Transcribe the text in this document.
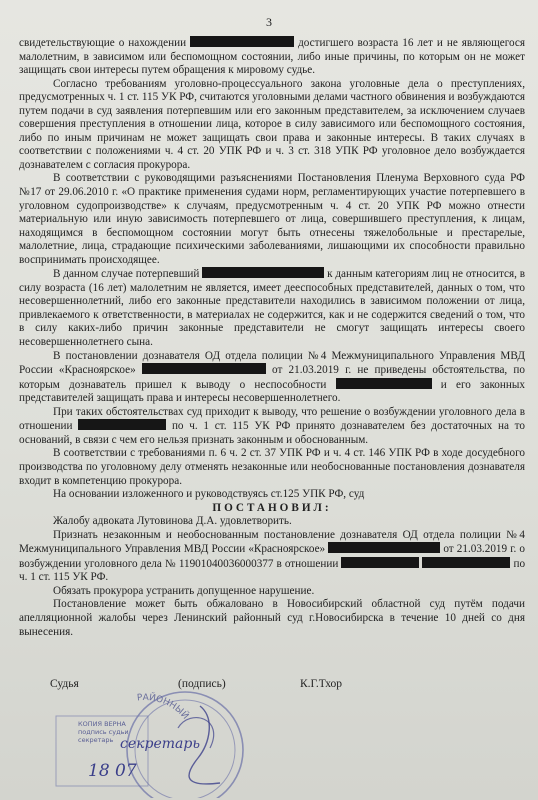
3

свидетельствующие о нахождении	достигшего возраста 16 лет и не являющегося малолетним, в зависимом или беспомощном состоянии, либо иные причины, по которым он не может защищать свои интересы путем обращения к мировому судье.

Согласно требованиям уголовно-процессуального закона уголовные дела о преступлениях, предусмотренных ч. 1 ст. 115 УК РФ, считаются уголовными делами частного обвинения и возбуждаются путем подачи в суд заявления потерпевшим или его законным представителем, за исключением случаев совершения преступления в отношении лица, которое в силу зависимого или беспомощного состояния, либо по иным причинам не может защищать свои права и законные интересы. В таких случаях в соответствии с положениями ч. 4 ст. 20 УПК РФ и ч. 3 ст. 318 УПК РФ уголовное дело возбуждается дознавателем с согласия прокурора.

В соответствии с руководящими разъяснениями Постановления Пленума Верховного суда РФ №17 от 29.06.2010 г. «О практике применения судами норм, регламентирующих участие потерпевшего в уголовном судопроизводстве» к случаям, предусмотренным ч. 4 ст. 20 УПК РФ можно отнести материальную или иную зависимость потерпевшего от лица, совершившего преступления, к лицам, находящимся в беспомощном состоянии могут быть отнесены тяжелобольные и престарелые, малолетние, лица, страдающие психическими заболеваниями, лишающими их способности правильно воспринимать происходящее.

В данном случае потерпевший	к данным категориям лиц не относится, в силу возраста (16 лет) малолетним не является, имеет дееспособных представителей, данных о том, что несовершеннолетний, либо его законные представители находились в зависимом положении от лица, привлекаемого к ответственности, в материалах не содержится, как и не содержится сведений о том, что в силу каких-либо причин законные представители не смогут защищать интересы своего несовершеннолетнего сына.

В постановлении дознавателя ОД отдела полиции №4 Межмуниципального Управления МВД России «Красноярское»	от 21.03.2019 г. не приведены обстоятельства, по которым дознаватель пришел к выводу о неспособности	и его законных представителей защищать права и интересы несовершеннолетнего.

При таких обстоятельствах суд приходит к выводу, что решение о возбуждении уголовного дела в отношении	по ч. 1 ст. 115 УК РФ принято дознавателем без достаточных на то оснований, в связи с чем его нельзя признать законным и обоснованным.

В соответствии с требованиями п. 6 ч. 2 ст. 37 УПК РФ и ч. 4 ст. 146 УПК РФ в ходе досудебного производства по уголовному делу отменять незаконные или необоснованные постановления дознавателя входит в компетенцию прокурора.

На основании изложенного и руководствуясь ст.125 УПК РФ, суд

ПОСТАНОВИЛ:

Жалобу адвоката Лутовинова Д.А. удовлетворить.

Признать незаконным и необоснованным постановление дознавателя ОД отдела полиции №4 Межмуниципального Управления МВД России «Красноярское»	от 21.03.2019 г. о возбуждении уголовного дела № 11901040036000377 в отношении	по ч. 1 ст. 115 УК РФ.

Обязать прокурора устранить допущенное нарушение.

Постановление может быть обжаловано в Новосибирский областной суд путём подачи апелляционной жалобы через Ленинский районный суд г.Новосибирска в течение 10 дней со дня вынесения.

Судья	(подпись)	К.Г.Тхор
РАЙОННЫЙ
КОПИЯ ВЕРНА
подпись судьи
секретарь секретарь
18 07
